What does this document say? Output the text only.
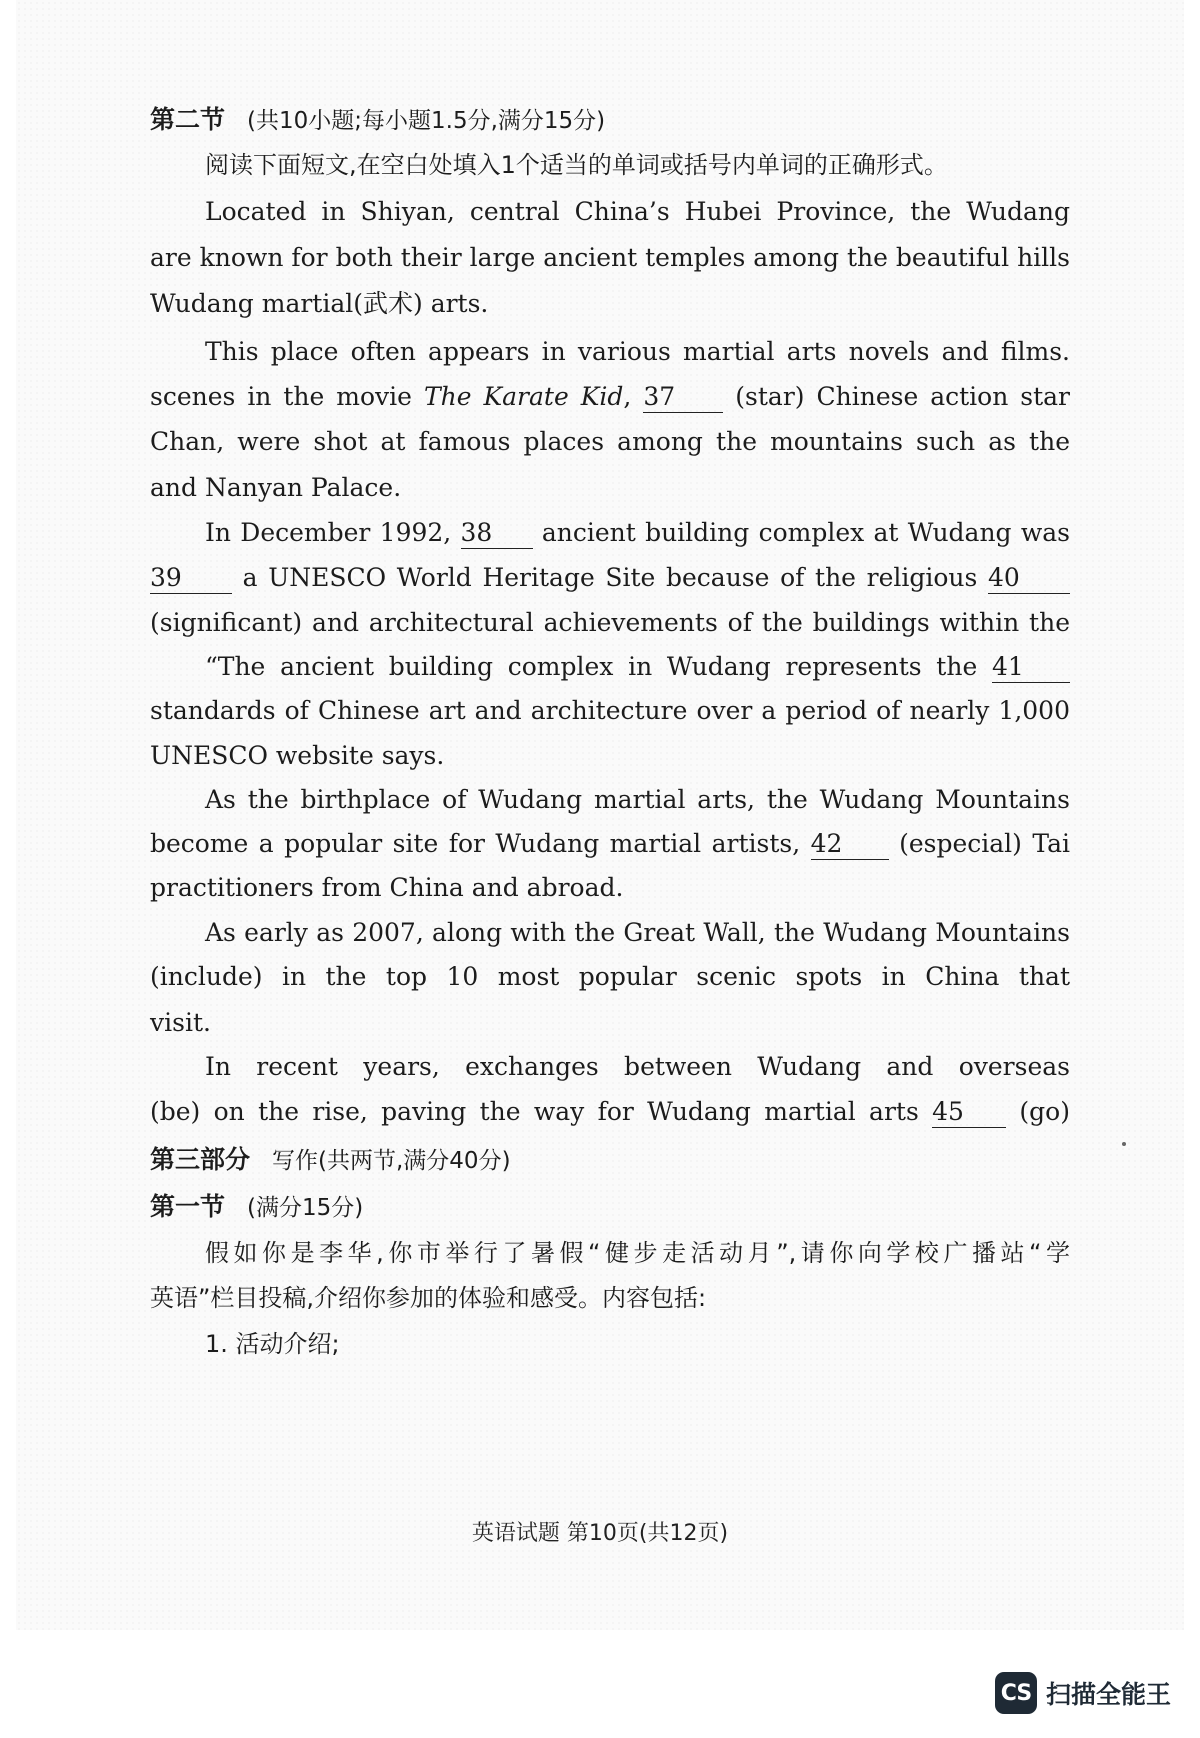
第二节 (共10小题;每小题1.5分,满分15分)
阅读下面短文,在空白处填入1个适当的单词或括号内单词的正确形式。
Located in Shiyan, central China’s Hubei Province, the Wudang
are known for both their large ancient temples among the beautiful hills
Wudang martial(武术) arts.
This place often appears in various martial arts novels and films.
scenes in the movie The Karate Kid, 37 (star) Chinese action star
Chan, were shot at famous places among the mountains such as the
and Nanyan Palace.
In December 1992, 38 ancient building complex at Wudang was
39 a UNESCO World Heritage Site because of the religious 40
(significant) and architectural achievements of the buildings within the
“The ancient building complex in Wudang represents the 41
standards of Chinese art and architecture over a period of nearly 1,000
UNESCO website says.
As the birthplace of Wudang martial arts, the Wudang Mountains
become a popular site for Wudang martial artists, 42 (especial) Tai
practitioners from China and abroad.
As early as 2007, along with the Great Wall, the Wudang Mountains
(include) in the top 10 most popular scenic spots in China that
visit.
In recent years, exchanges between Wudang and overseas
(be) on the rise, paving the way for Wudang martial arts 45 (go)
第三部分 写作(共两节,满分40分)
第一节 (满分15分)
假如你是李华,你市举行了暑假“健步走活动月”,请你向学校广播站“学
英语”栏目投稿,介绍你参加的体验和感受。内容包括:
1. 活动介绍;
英语试题 第10页(共12页)
CS 扫描全能王
